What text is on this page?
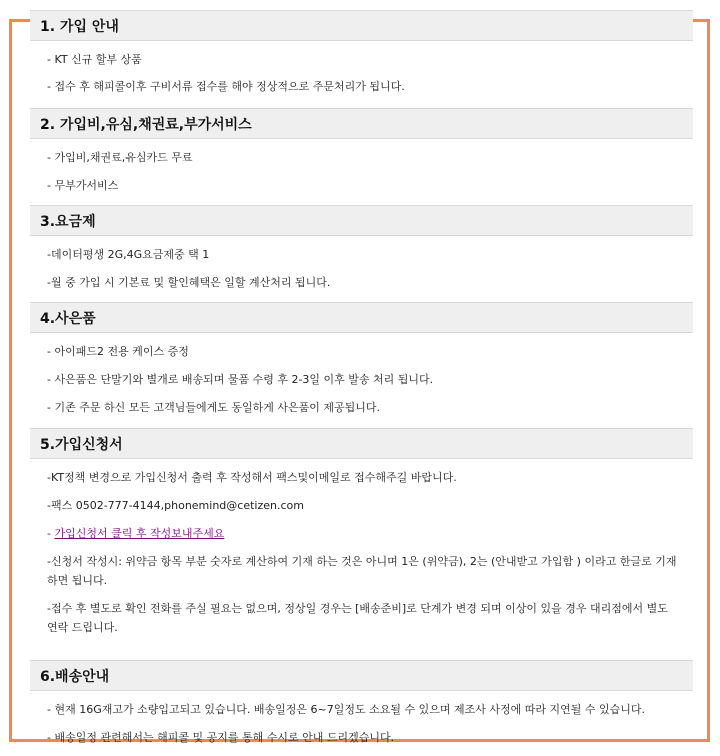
1. 가입 안내
- KT 신규 할부 상품
- 접수 후 해피콜이후 구비서류 접수를 해야 정상적으로 주문처리가 됩니다.
2. 가입비,유심,채권료,부가서비스
- 가입비,채권료,유심카드 무료
- 무부가서비스
3.요금제
-데이터평생 2G,4G요금제중 택 1
-월 중 가입 시 기본료 및 할인혜택은 일할 계산처리 됩니다.
4.사은품
- 아이패드2 전용 케이스 증정
- 사은품은 단말기와 별개로 배송되며 물품 수령 후 2-3일 이후 발송 처리 됩니다.
- 기존 주문 하신 모든 고객님들에게도 동일하게 사은품이 제공됩니다.
5.가입신청서
-KT정책 변경으로 가입신청서 출력 후 작성해서 팩스및이메일로 접수해주길 바랍니다.
-팩스 0502-777-4144,phonemind@cetizen.com
- 가입신청서 클릭 후 작성보내주세요
-신청서 작성시: 위약금 항목 부분 숫자로 계산하여 기재 하는 것은 아니며 1은 (위약금), 2는 (안내받고 가입함 ) 이라고 한글로 기재 하면 됩니다.
-접수 후 별도로 확인 전화를 주실 필요는 없으며, 정상일 경우는 [배송준비]로 단계가 변경 되며 이상이 있을 경우 대리점에서 별도 연락 드립니다.
6.배송안내
- 현재 16G재고가 소량입고되고 있습니다. 배송일정은 6~7일정도 소요될 수 있으며 제조사 사정에 따라 지연될 수 있습니다.
- 배송일정 관련해서는 해피콜 및 공지를 통해 수시로 안내 드리겠습니다.
